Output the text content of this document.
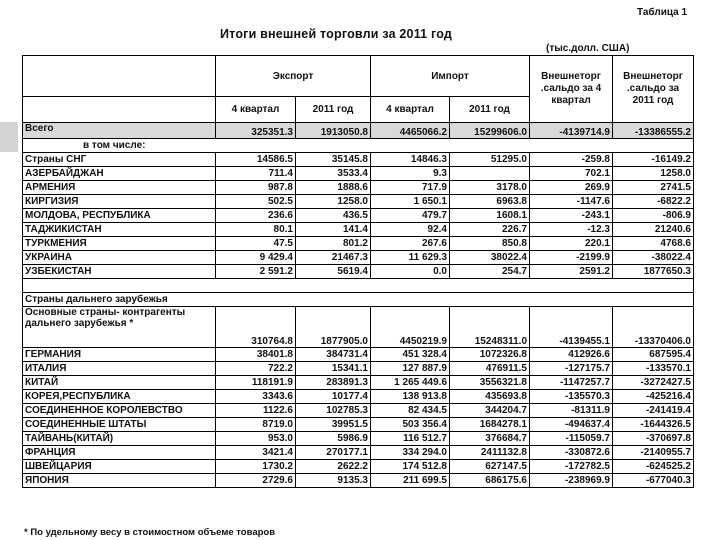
Таблица 1
Итоги внешней торговли за 2011 год
(тыс.долл. США)
	Экспорт		Импорт		Внешнеторг .сальдо за 4 квартал	Внешнеторг .сальдо за 2011 год
	4 квартал	2011 год	4 квартал	2011 год		
Всего	325351.3	1913050.8	4465066.2	15299606.0	-4139714.9	-13386555.2
в том числе:						
Страны СНГ	14586.5	35145.8	14846.3	51295.0	-259.8	-16149.2
АЗЕРБАЙДЖАН	711.4	3533.4	9.3		702.1	1258.0
АРМЕНИЯ	987.8	1888.6	717.9	3178.0	269.9	2741.5
КИРГИЗИЯ	502.5	1258.0	1 650.1	6963.8	-1147.6	-6822.2
МОЛДОВА, РЕСПУБЛИКА	236.6	436.5	479.7	1608.1	-243.1	-806.9
ТАДЖИКИСТАН	80.1	141.4	92.4	226.7	-12.3	21240.6
ТУРКМЕНИЯ	47.5	801.2	267.6	850.8	220.1	4768.6
УКРАИНА	9 429.4	21467.3	11 629.3	38022.4	-2199.9	-38022.4
УЗБЕКИСТАН	2 591.2	5619.4	0.0	254.7	2591.2	1877650.3

Страны дальнего зарубежья						
Основные страны- контрагенты дальнего зарубежья *	310764.8	1877905.0	4450219.9	15248311.0	-4139455.1	-13370406.0
ГЕРМАНИЯ	38401.8	384731.4	451 328.4	1072326.8	412926.6	687595.4
ИТАЛИЯ	722.2	15341.1	127 887.9	476911.5	-127175.7	-133570.1
КИТАЙ	118191.9	283891.3	1 265 449.6	3556321.8	-1147257.7	-3272427.5
КОРЕЯ,РЕСПУБЛИКА	3343.6	10177.4	138 913.8	435693.8	-135570.3	-425216.4
СОЕДИНЕННОЕ КОРОЛЕВСТВО	1122.6	102785.3	82 434.5	344204.7	-81311.9	-241419.4
СОЕДИНЕННЫЕ ШТАТЫ	8719.0	39951.5	503 356.4	1684278.1	-494637.4	-1644326.5
ТАЙВАНЬ(КИТАЙ)	953.0	5986.9	116 512.7	376684.7	-115059.7	-370697.8
ФРАНЦИЯ	3421.4	270177.1	334 294.0	2411132.8	-330872.6	-2140955.7
ШВЕЙЦАРИЯ	1730.2	2622.2	174 512.8	627147.5	-172782.5	-624525.2
ЯПОНИЯ	2729.6	9135.3	211 699.5	686175.6	-238969.9	-677040.3
* По удельному весу в стоимостном объеме товаров
